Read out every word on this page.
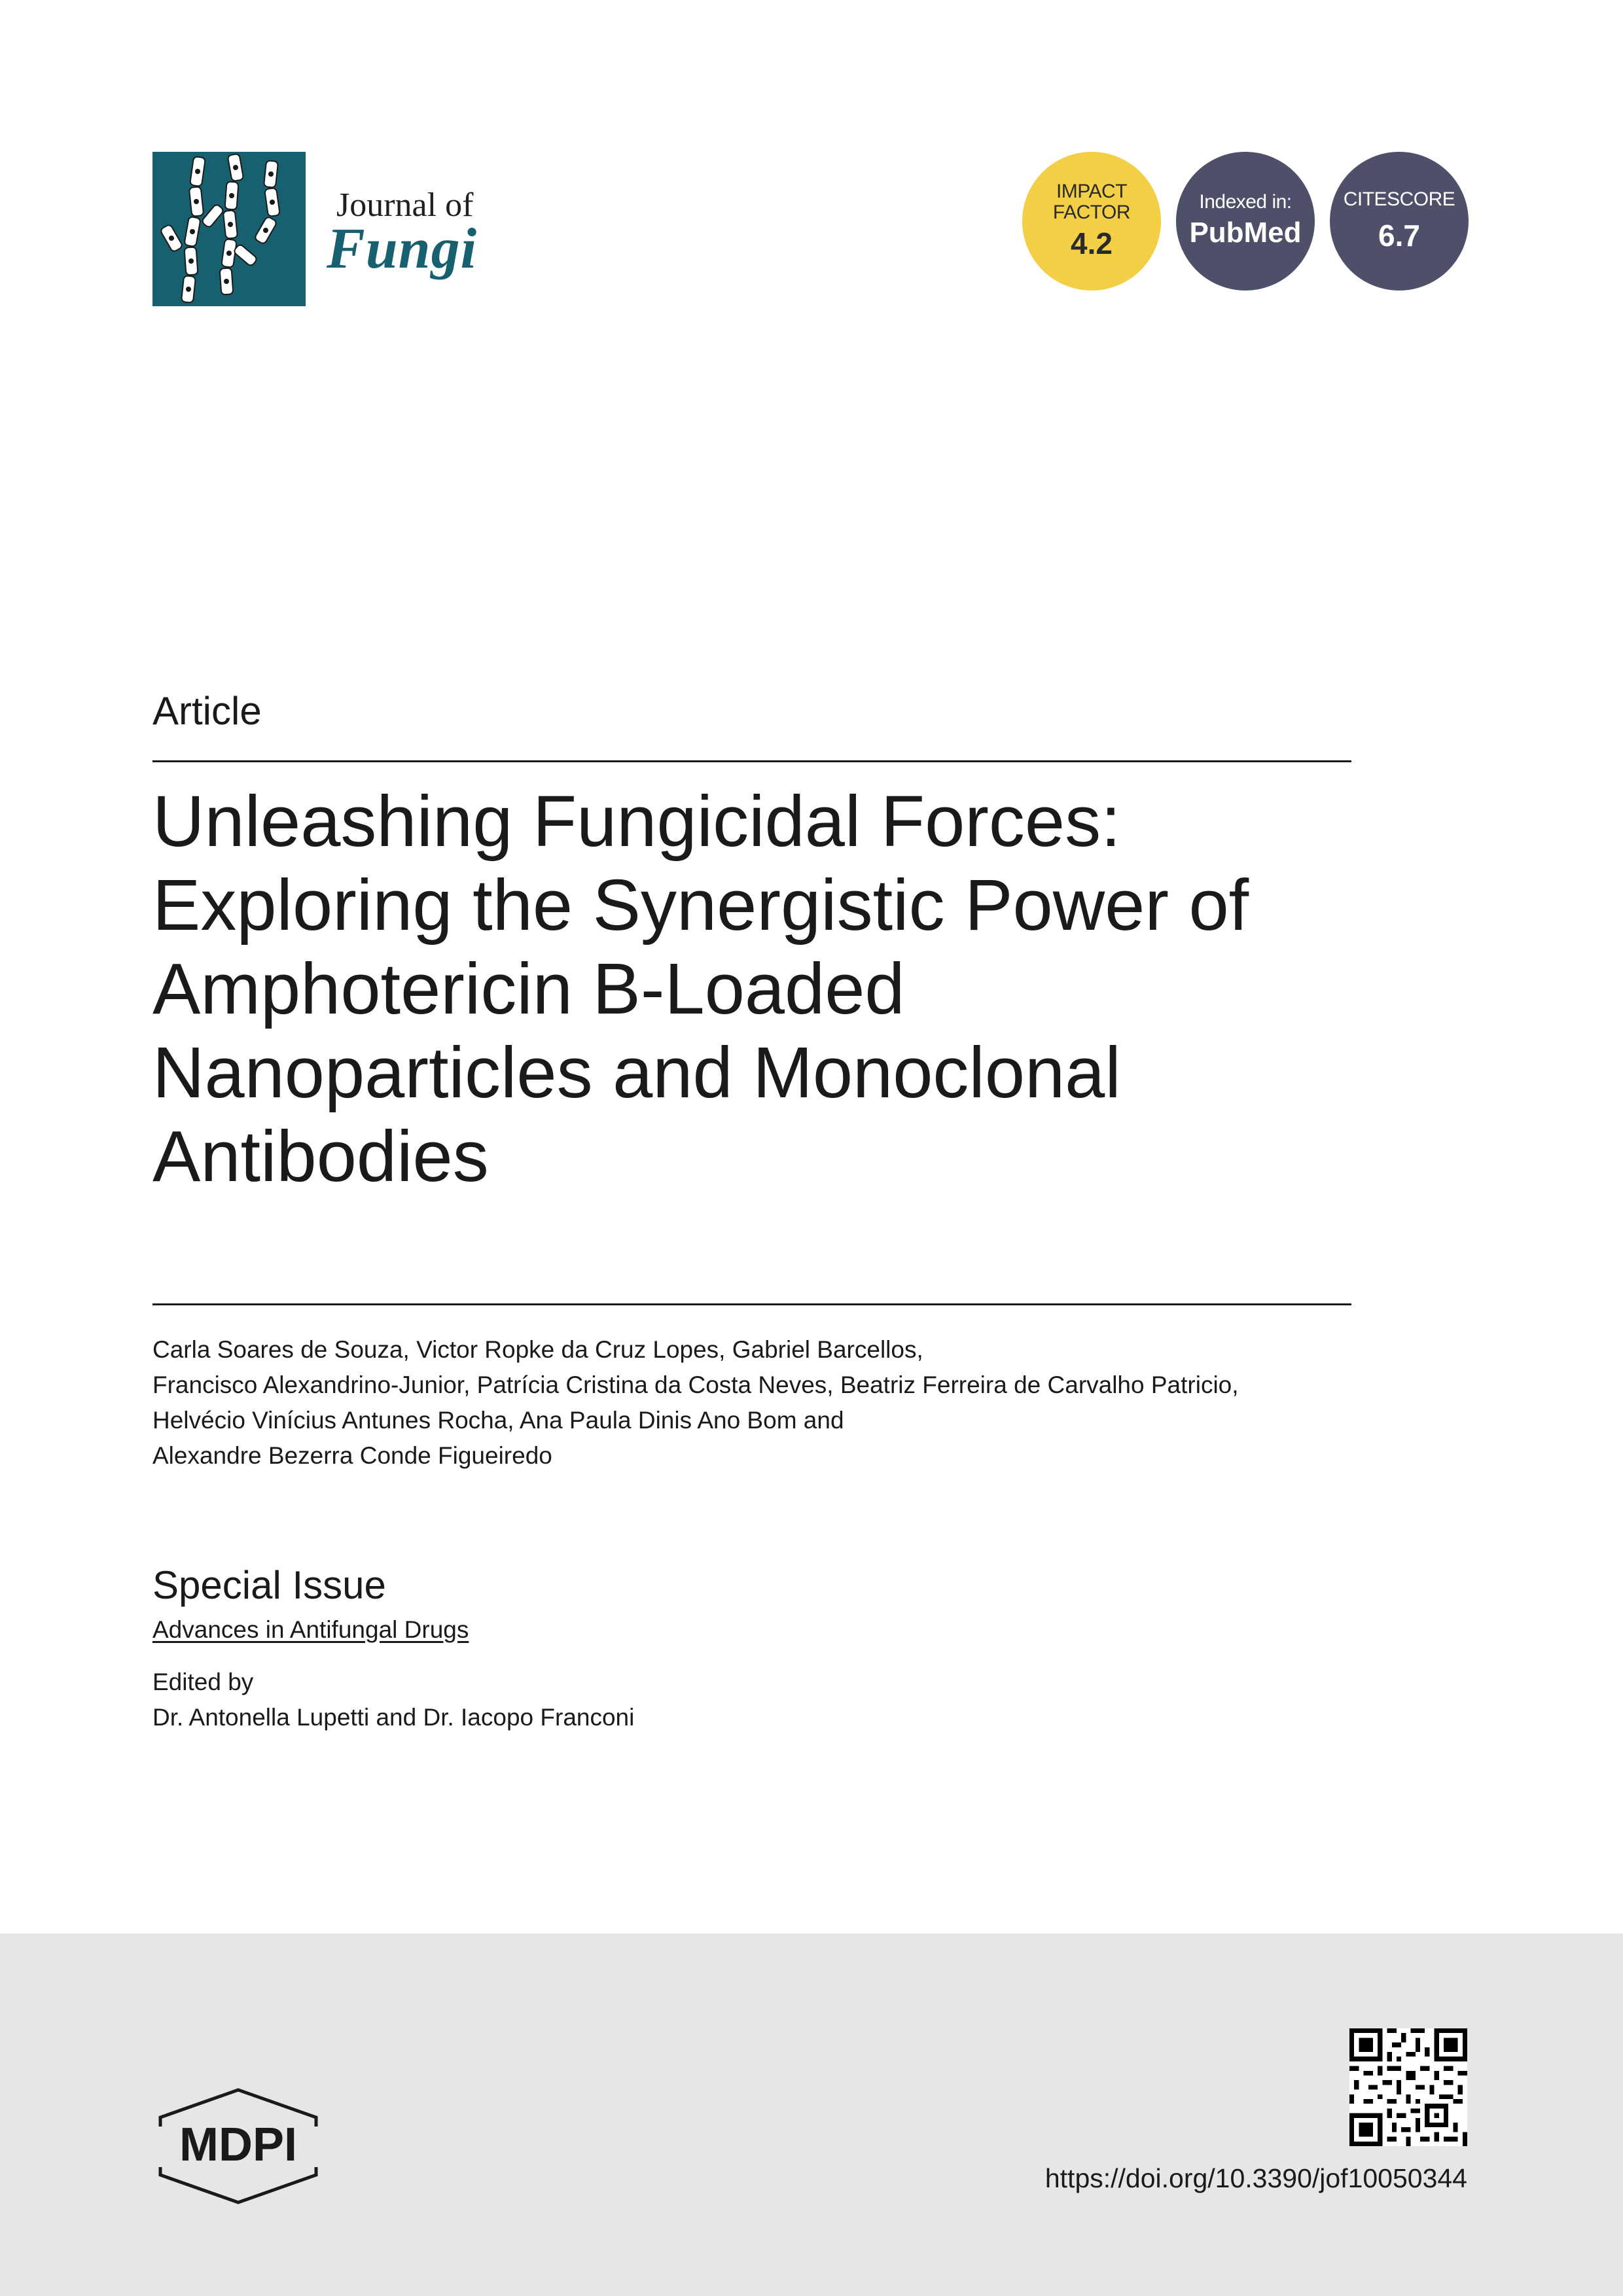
Journal of
Fungi
IMPACT
FACTOR
4.2
Indexed in:
PubMed
CITESCORE
6.7
Article
Unleashing Fungicidal Forces:
Exploring the Synergistic Power of
Amphotericin B-Loaded
Nanoparticles and Monoclonal
Antibodies
Carla Soares de Souza, Victor Ropke da Cruz Lopes, Gabriel Barcellos,
Francisco Alexandrino-Junior, Patrícia Cristina da Costa Neves, Beatriz Ferreira de Carvalho Patricio,
Helvécio Vinícius Antunes Rocha, Ana Paula Dinis Ano Bom and
Alexandre Bezerra Conde Figueiredo
Special Issue
Advances in Antifungal Drugs
Edited by
Dr. Antonella Lupetti and Dr. Iacopo Franconi
MDPI
https://doi.org/10.3390/jof10050344
